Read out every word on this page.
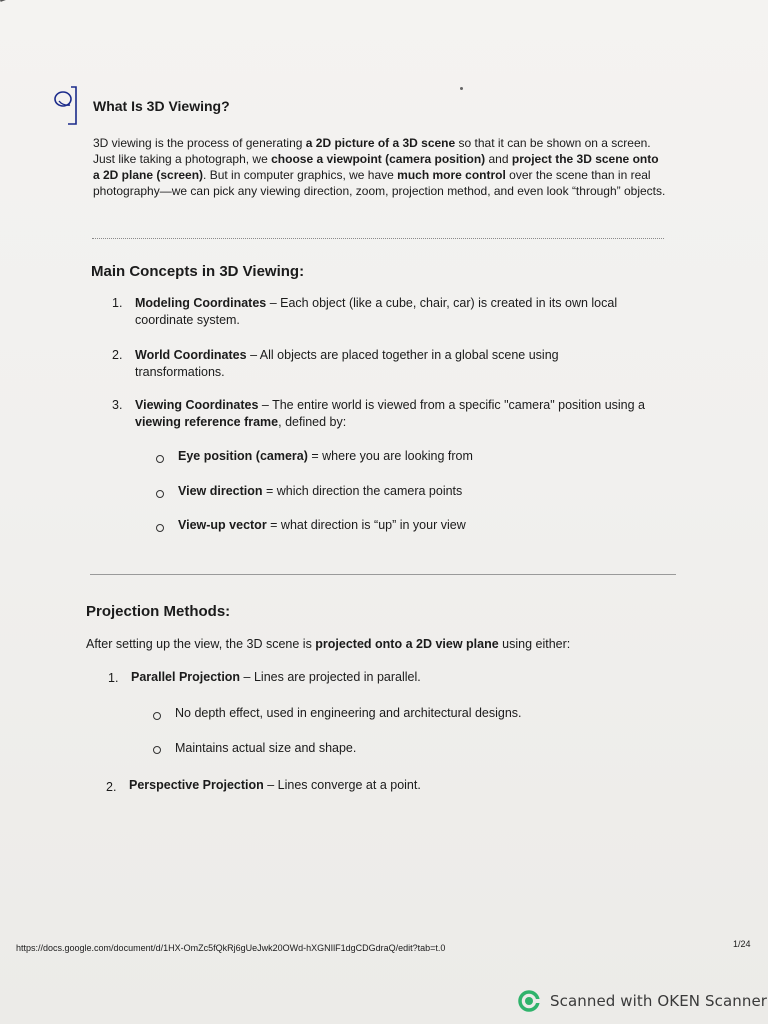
What Is 3D Viewing?
3D viewing is the process of generating a 2D picture of a 3D scene so that it can be shown on a screen. Just like taking a photograph, we choose a viewpoint (camera position) and project the 3D scene onto a 2D plane (screen). But in computer graphics, we have much more control over the scene than in real photography—we can pick any viewing direction, zoom, projection method, and even look “through” objects.
Main Concepts in 3D Viewing:
1. Modeling Coordinates – Each object (like a cube, chair, car) is created in its own local coordinate system.
2. World Coordinates – All objects are placed together in a global scene using transformations.
3. Viewing Coordinates – The entire world is viewed from a specific "camera" position using a viewing reference frame, defined by:
Eye position (camera) = where you are looking from
View direction = which direction the camera points
View-up vector = what direction is “up” in your view
Projection Methods:
After setting up the view, the 3D scene is projected onto a 2D view plane using either:
1. Parallel Projection – Lines are projected in parallel.
No depth effect, used in engineering and architectural designs.
Maintains actual size and shape.
2. Perspective Projection – Lines converge at a point.
https://docs.google.com/document/d/1HX-OmZc5fQkRj6gUeJwk20OWd-hXGNIlF1dgCDGdraQ/edit?tab=t.0	1/24
Scanned with OKEN Scanner
